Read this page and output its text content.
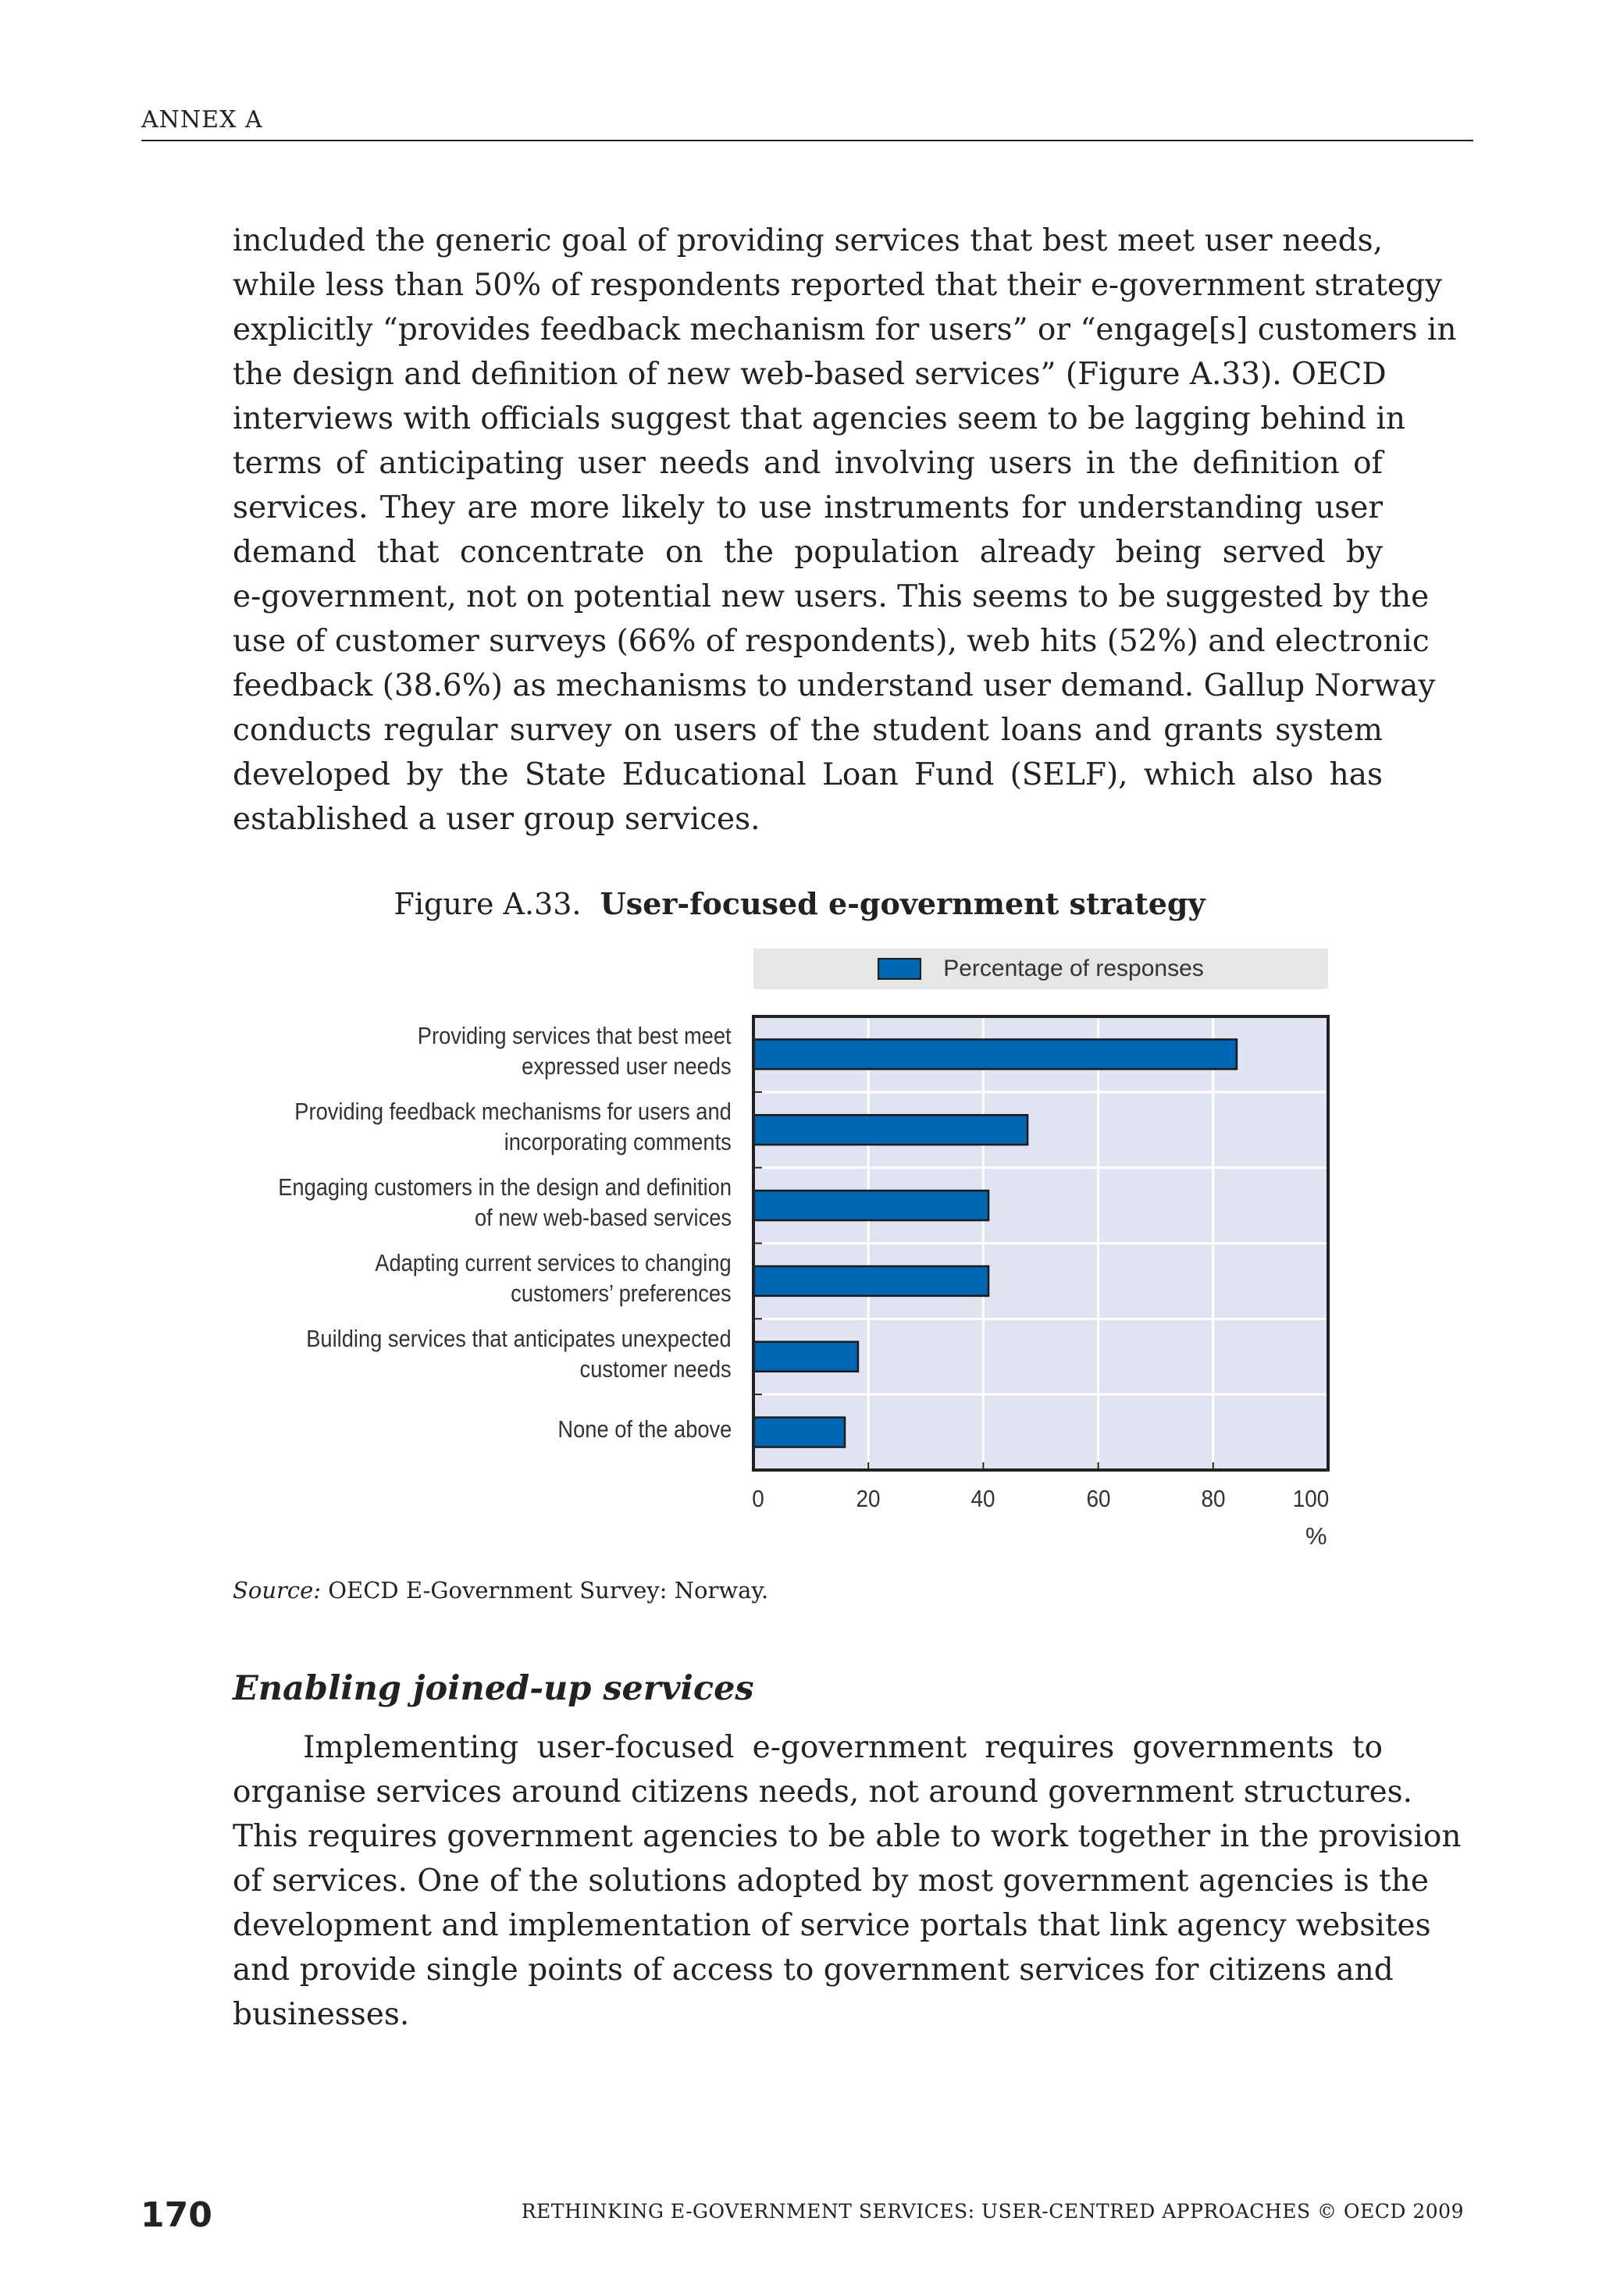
ANNEX A
included the generic goal of providing services that best meet user needs,
while less than 50% of respondents reported that their e-government strategy
explicitly “provides feedback mechanism for users” or “engage[s] customers in
the design and definition of new web-based services” (Figure A.33). OECD
interviews with officials suggest that agencies seem to be lagging behind in
terms of anticipating user needs and involving users in the definition of
services. They are more likely to use instruments for understanding user
demand that concentrate on the population already being served by
e-government, not on potential new users. This seems to be suggested by the
use of customer surveys (66% of respondents), web hits (52%) and electronic
feedback (38.6%) as mechanisms to understand user demand. Gallup Norway
conducts regular survey on users of the student loans and grants system
developed by the State Educational Loan Fund (SELF), which also has
established a user group services.
Figure A.33. User-focused e-government strategy
Percentage of responses
Providing services that best meet
expressed user needs
Providing feedback mechanisms for users and
incorporating comments
Engaging customers in the design and definition
of new web-based services
Adapting current services to changing
customers’ preferences
Building services that anticipates unexpected
customer needs
None of the above
0	20	40	60	80	100
%
Source: OECD E-Government Survey: Norway.
Enabling joined-up services
Implementing user-focused e-government requires governments to
organise services around citizens needs, not around government structures.
This requires government agencies to be able to work together in the provision
of services. One of the solutions adopted by most government agencies is the
development and implementation of service portals that link agency websites
and provide single points of access to government services for citizens and
businesses.
170	RETHINKING E-GOVERNMENT SERVICES: USER-CENTRED APPROACHES © OECD 2009
